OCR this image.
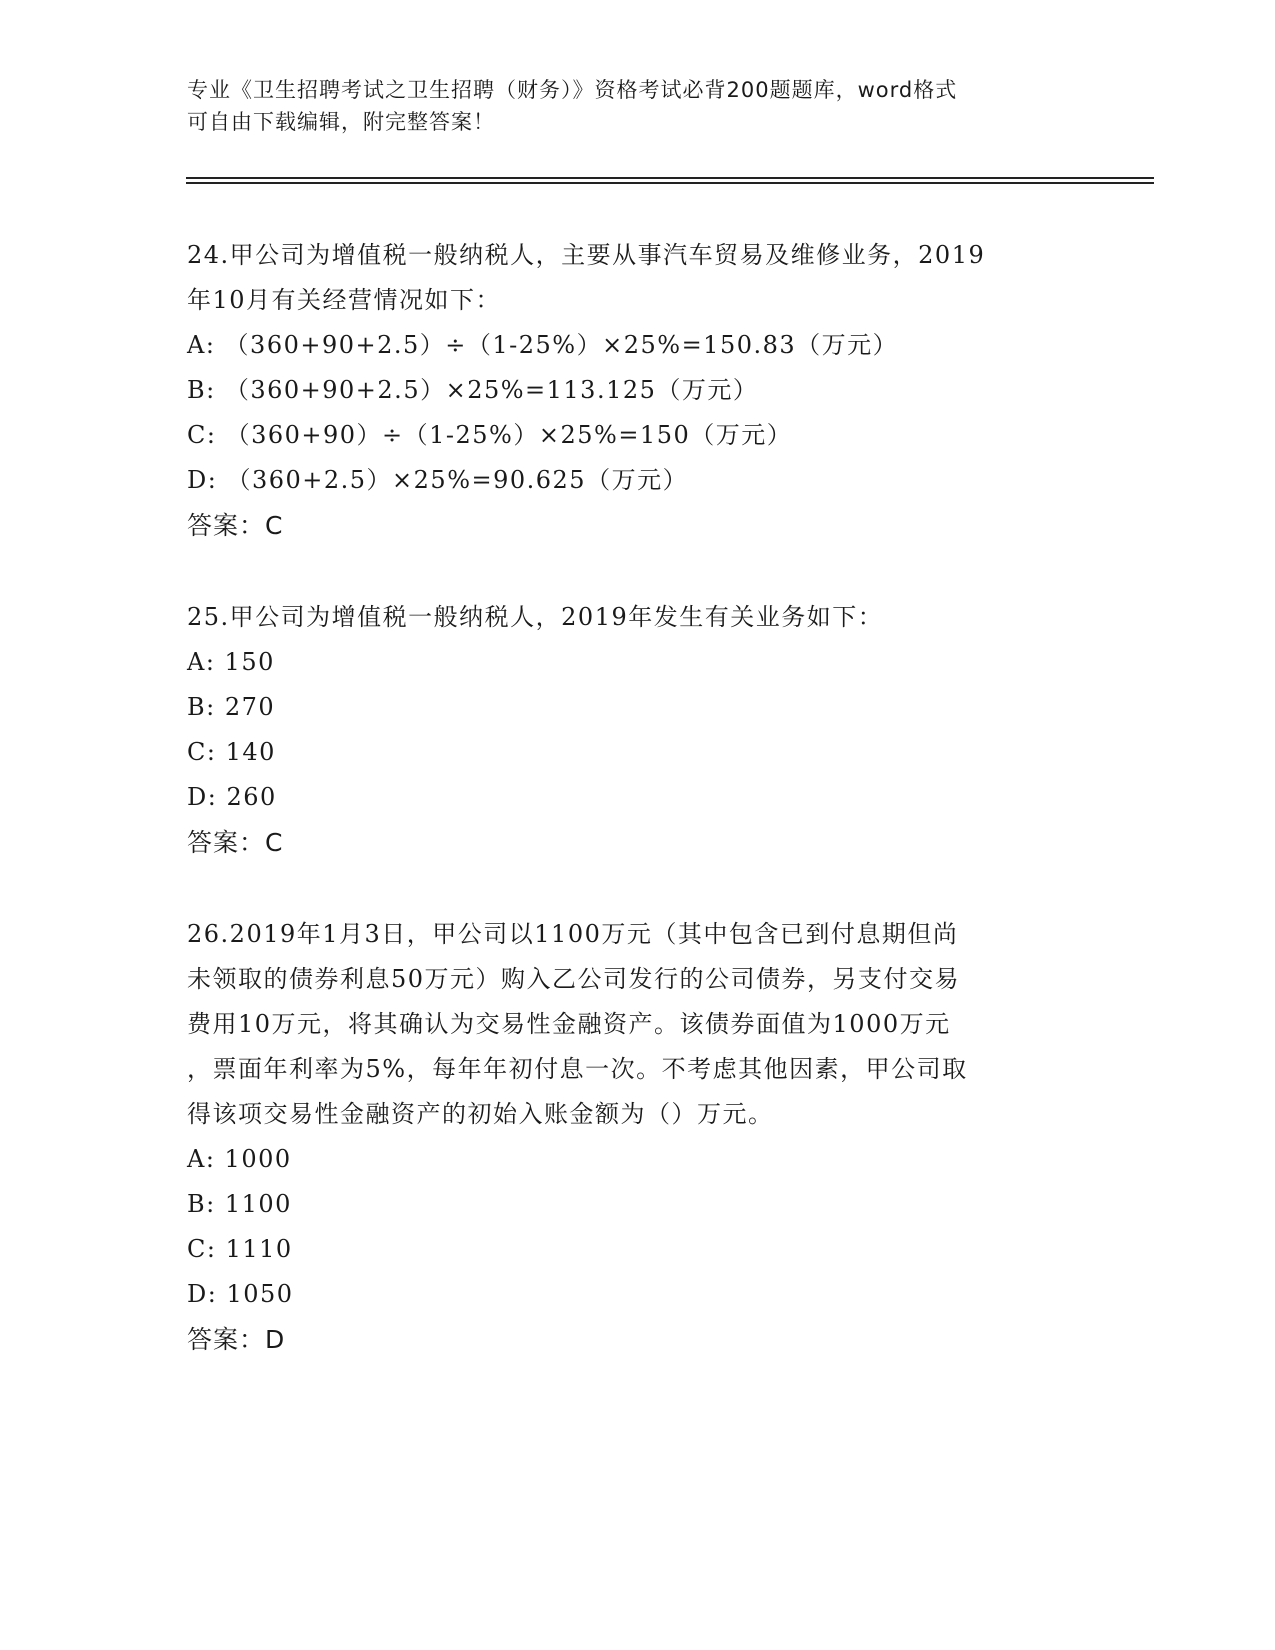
专业《卫生招聘考试之卫生招聘（财务）》资格考试必背200题题库，word格式
可自由下载编辑，附完整答案！
24.甲公司为增值税一般纳税人，主要从事汽车贸易及维修业务，2019
年10月有关经营情况如下：
A: （360+90+2.5）÷（1-25%）×25%=150.83（万元）
B: （360+90+2.5）×25%=113.125（万元）
C: （360+90）÷（1-25%）×25%=150（万元）
D: （360+2.5）×25%=90.625（万元）
答案：C
25.甲公司为增值税一般纳税人，2019年发生有关业务如下：
A: 150
B: 270
C: 140
D: 260
答案：C
26.2019年1月3日，甲公司以1100万元（其中包含已到付息期但尚
未领取的债券利息50万元）购入乙公司发行的公司债券，另支付交易
费用10万元，将其确认为交易性金融资产。该债券面值为1000万元
，票面年利率为5%，每年年初付息一次。不考虑其他因素，甲公司取
得该项交易性金融资产的初始入账金额为（）万元。
A: 1000
B: 1100
C: 1110
D: 1050
答案：D
